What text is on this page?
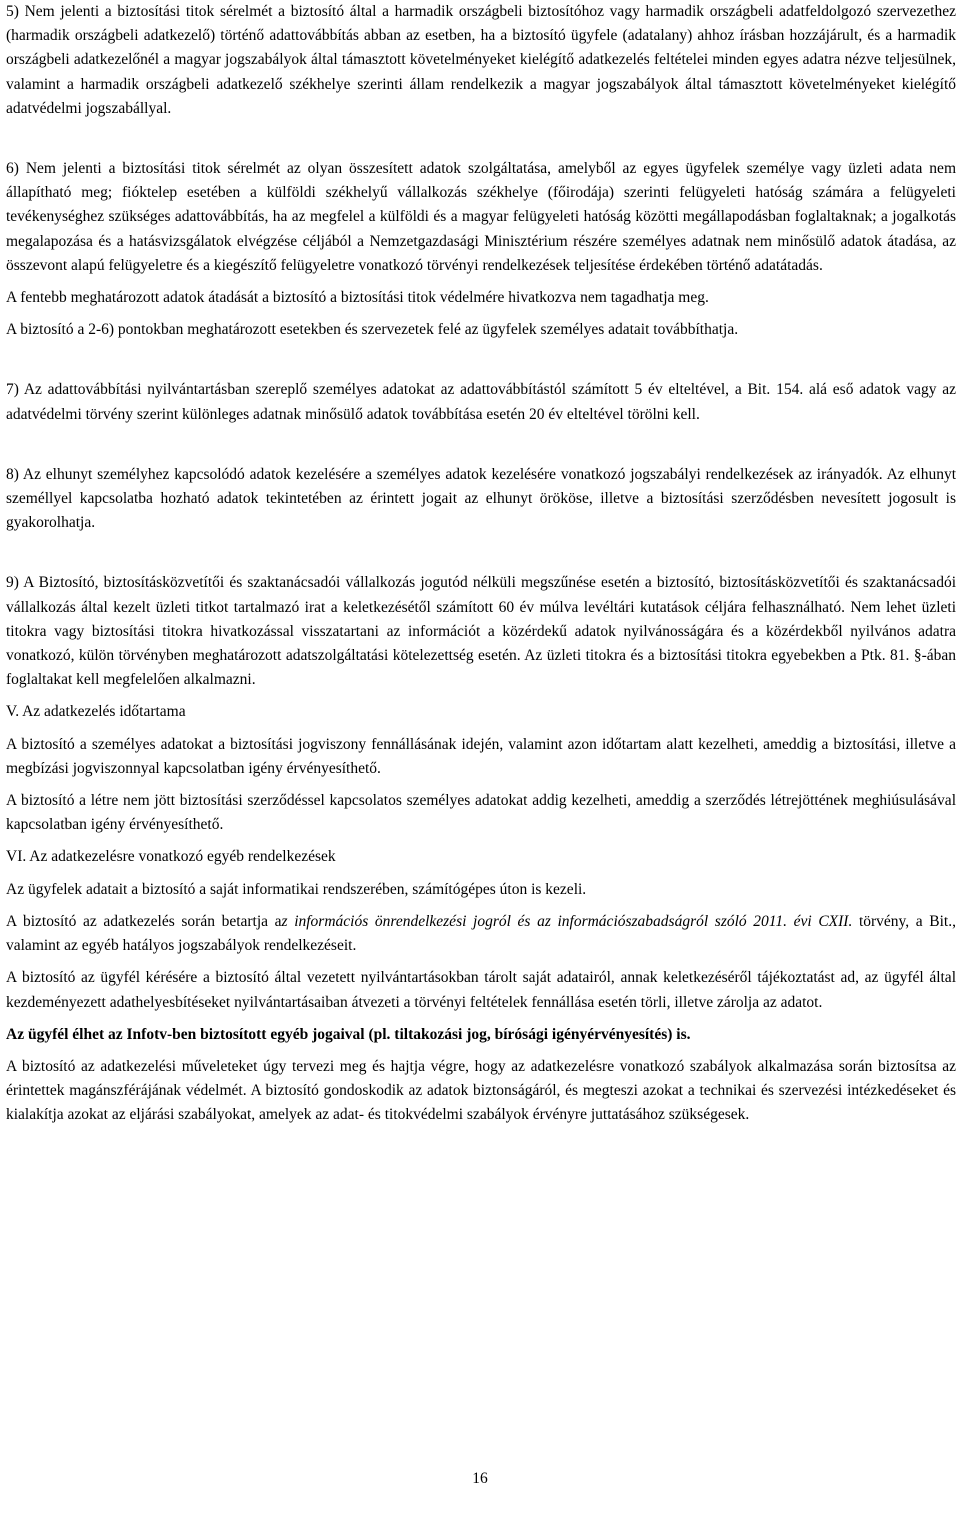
5) Nem jelenti a biztosítási titok sérelmét a biztosító által a harmadik országbeli biztosítóhoz vagy harmadik országbeli adatfeldolgozó szervezethez (harmadik országbeli adatkezelő) történő adattovábbítás abban az esetben, ha a biztosító ügyfele (adatalany) ahhoz írásban hozzájárult, és a harmadik országbeli adatkezelőnél a magyar jogszabályok által támasztott követelményeket kielégítő adatkezelés feltételei minden egyes adatra nézve teljesülnek, valamint a harmadik országbeli adatkezelő székhelye szerinti állam rendelkezik a magyar jogszabályok által támasztott követelményeket kielégítő adatvédelmi jogszabállyal.

6) Nem jelenti a biztosítási titok sérelmét az olyan összesített adatok szolgáltatása, amelyből az egyes ügyfelek személye vagy üzleti adata nem állapítható meg; fióktelep esetében a külföldi székhelyű vállalkozás székhelye (főirodája) szerinti felügyeleti hatóság számára a felügyeleti tevékenységhez szükséges adattovábbítás, ha az megfelel a külföldi és a magyar felügyeleti hatóság közötti megállapodásban foglaltaknak; a jogalkotás megalapozása és a hatásvizsgálatok elvégzése céljából a Nemzetgazdasági Minisztérium részére személyes adatnak nem minősülő adatok átadása, az összevont alapú felügyeletre és a kiegészítő felügyeletre vonatkozó törvényi rendelkezések teljesítése érdekében történő adatátadás.

A fentebb meghatározott adatok átadását a biztosító a biztosítási titok védelmére hivatkozva nem tagadhatja meg.

A biztosító a 2-6) pontokban meghatározott esetekben és szervezetek felé az ügyfelek személyes adatait továbbíthatja.

7) Az adattovábbítási nyilvántartásban szereplő személyes adatokat az adattovábbítástól számított 5 év elteltével, a Bit. 154. alá eső adatok vagy az adatvédelmi törvény szerint különleges adatnak minősülő adatok továbbítása esetén 20 év elteltével törölni kell.

8) Az elhunyt személyhez kapcsolódó adatok kezelésére a személyes adatok kezelésére vonatkozó jogszabályi rendelkezések az irányadók. Az elhunyt személlyel kapcsolatba hozható adatok tekintetében az érintett jogait az elhunyt örököse, illetve a biztosítási szerződésben nevesített jogosult is gyakorolhatja.

9) A Biztosító, biztosításközvetítői és szaktanácsadói vállalkozás jogutód nélküli megszűnése esetén a biztosító, biztosításközvetítői és szaktanácsadói vállalkozás által kezelt üzleti titkot tartalmazó irat a keletkezésétől számított 60 év múlva levéltári kutatások céljára felhasználható. Nem lehet üzleti titokra vagy biztosítási titokra hivatkozással visszatartani az információt a közérdekű adatok nyilvánosságára és a közérdekből nyilvános adatra vonatkozó, külön törvényben meghatározott adatszolgáltatási kötelezettség esetén. Az üzleti titokra és a biztosítási titokra egyebekben a Ptk. 81. §-ában foglaltakat kell megfelelően alkalmazni.

V. Az adatkezelés időtartama

A biztosító a személyes adatokat a biztosítási jogviszony fennállásának idején, valamint azon időtartam alatt kezelheti, ameddig a biztosítási, illetve a megbízási jogviszonnyal kapcsolatban igény érvényesíthető.

A biztosító a létre nem jött biztosítási szerződéssel kapcsolatos személyes adatokat addig kezelheti, ameddig a szerződés létrejöttének meghiúsulásával kapcsolatban igény érvényesíthető.

VI. Az adatkezelésre vonatkozó egyéb rendelkezések

Az ügyfelek adatait a biztosító a saját informatikai rendszerében, számítógépes úton is kezeli.

A biztosító az adatkezelés során betartja az információs önrendelkezési jogról és az információszabadságról szóló 2011. évi CXII. törvény, a Bit., valamint az egyéb hatályos jogszabályok rendelkezéseit.

A biztosító az ügyfél kérésére a biztosító által vezetett nyilvántartásokban tárolt saját adatairól, annak keletkezéséről tájékoztatást ad, az ügyfél által kezdeményezett adathelyesbítéseket nyilvántartásaiban átvezeti a törvényi feltételek fennállása esetén törli, illetve zárolja az adatot.

Az ügyfél élhet az Infotv-ben biztosított egyéb jogaival (pl. tiltakozási jog, bírósági igényérvényesítés) is.

A biztosító az adatkezelési műveleteket úgy tervezi meg és hajtja végre, hogy az adatkezelésre vonatkozó szabályok alkalmazása során biztosítsa az érintettek magánszférájának védelmét. A biztosító gondoskodik az adatok biztonságáról, és megteszi azokat a technikai és szervezési intézkedéseket és kialakítja azokat az eljárási szabályokat, amelyek az adat- és titokvédelmi szabályok érvényre juttatásához szükségesek.

16
